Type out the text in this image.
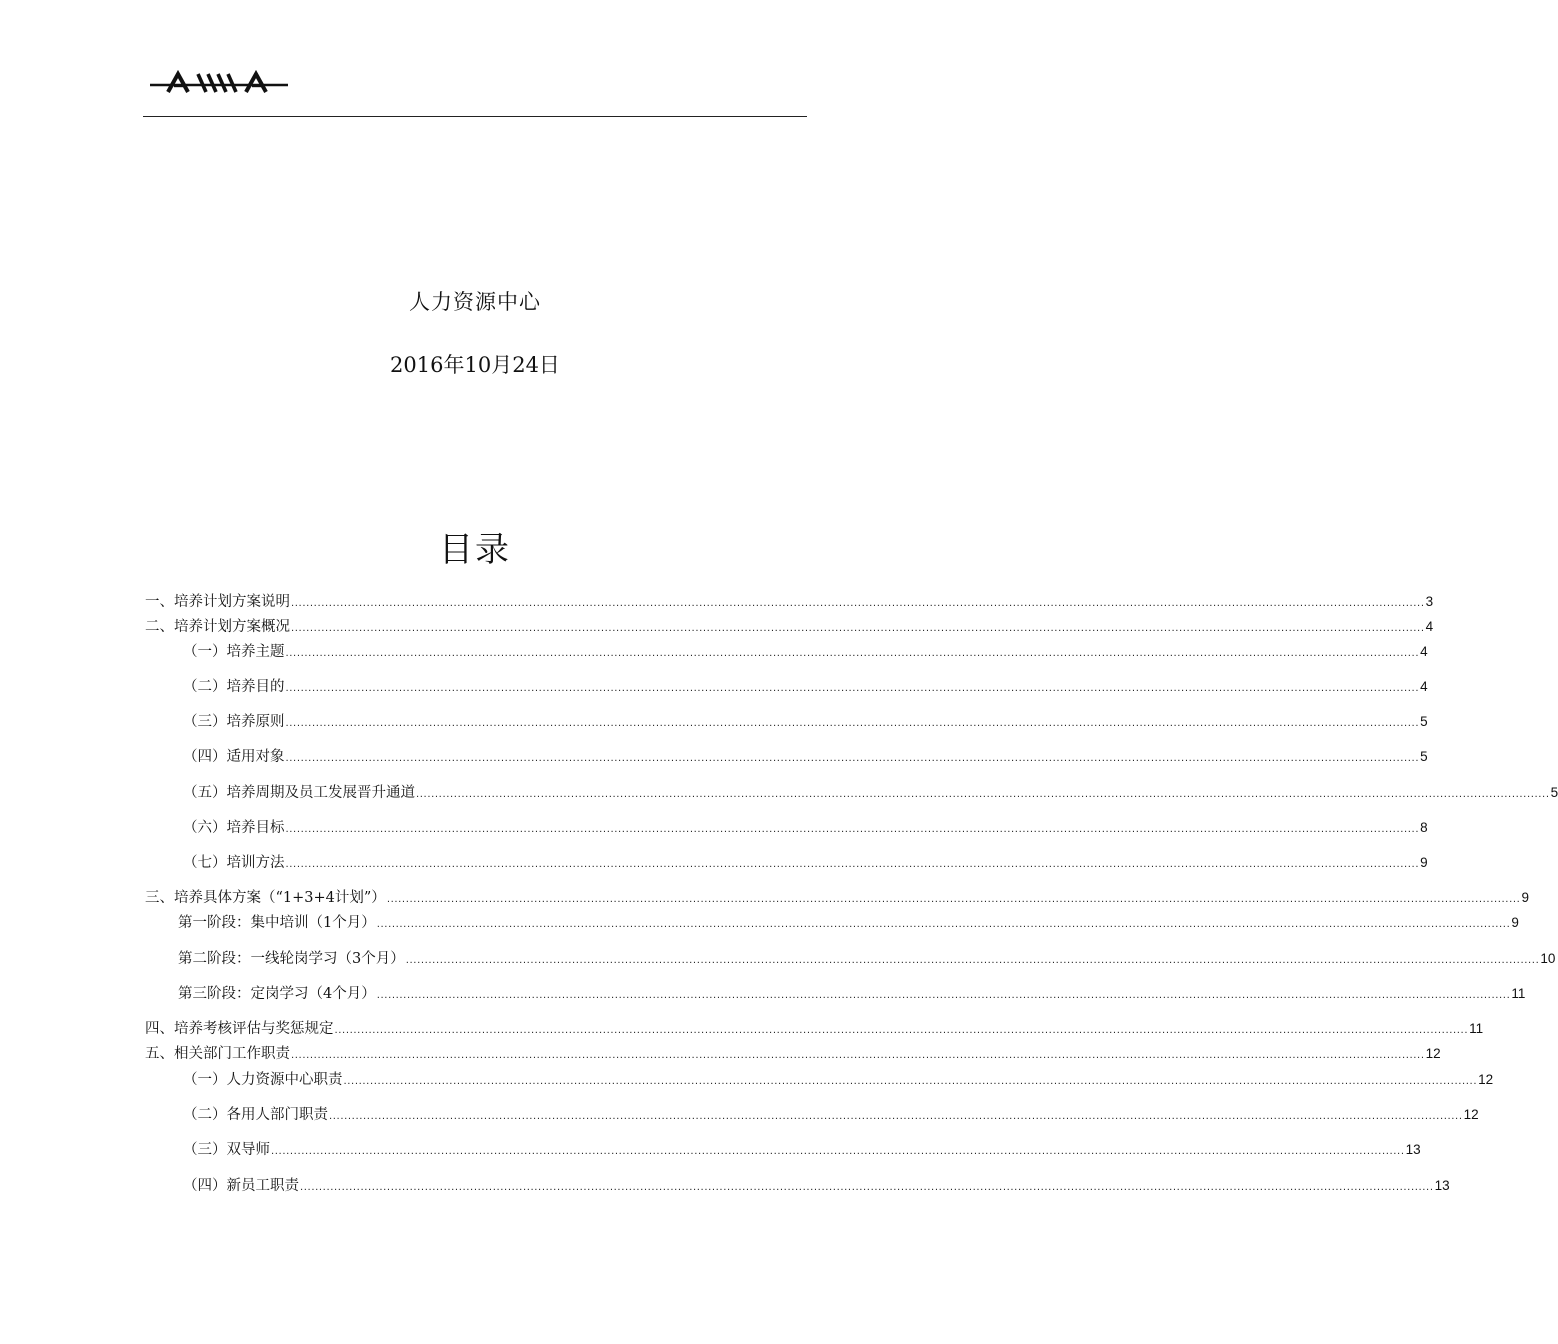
人力资源中心
2016年10月24日
目录
一、培养计划方案说明 ............................................................................................................................................................................................................................................................................................................ 3
二、培养计划方案概况 ............................................................................................................................................................................................................................................................................................................ 4
（一）培养主题 ............................................................................................................................................................................................................................................................................................................ 4
（二）培养目的 ............................................................................................................................................................................................................................................................................................................ 4
（三）培养原则 ............................................................................................................................................................................................................................................................................................................ 5
（四）适用对象 ............................................................................................................................................................................................................................................................................................................ 5
（五）培养周期及员工发展晋升通道 ............................................................................................................................................................................................................................................................................................................ 5
（六）培养目标 ............................................................................................................................................................................................................................................................................................................ 8
（七）培训方法 ............................................................................................................................................................................................................................................................................................................ 9
三、培养具体方案（“1+3+4计划”） ............................................................................................................................................................................................................................................................................................................ 9
第一阶段：集中培训（1个月） ............................................................................................................................................................................................................................................................................................................ 9
第二阶段：一线轮岗学习（3个月） ............................................................................................................................................................................................................................................................................................................ 10
第三阶段：定岗学习（4个月） ............................................................................................................................................................................................................................................................................................................ 11
四、培养考核评估与奖惩规定 ............................................................................................................................................................................................................................................................................................................ 11
五、相关部门工作职责 ............................................................................................................................................................................................................................................................................................................ 12
（一）人力资源中心职责 ............................................................................................................................................................................................................................................................................................................ 12
（二）各用人部门职责 ............................................................................................................................................................................................................................................................................................................ 12
（三）双导师 ............................................................................................................................................................................................................................................................................................................ 13
（四）新员工职责 ............................................................................................................................................................................................................................................................................................................ 13
